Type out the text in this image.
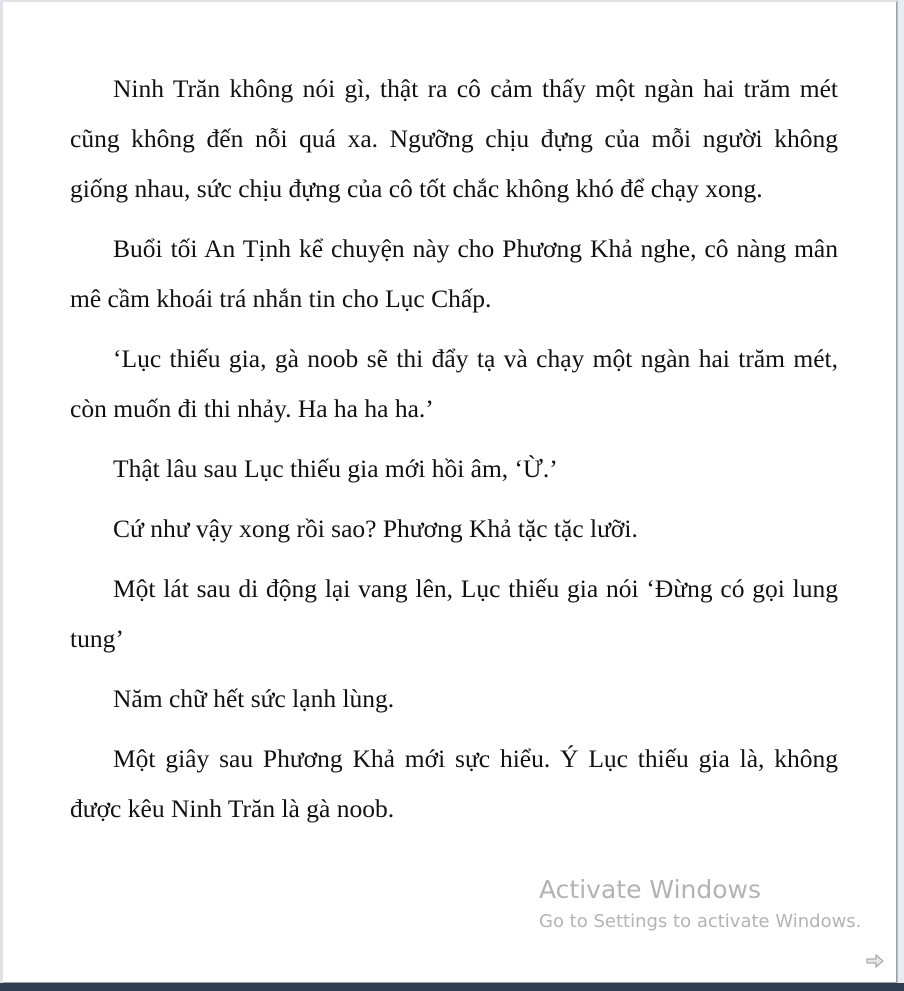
Ninh Trăn không nói gì, thật ra cô cảm thấy một ngàn hai trăm mét cũng không đến nỗi quá xa. Ngưỡng chịu đựng của mỗi người không giống nhau, sức chịu đựng của cô tốt chắc không khó để chạy xong.

Buổi tối An Tịnh kể chuyện này cho Phương Khả nghe, cô nàng mân mê cầm khoái trá nhắn tin cho Lục Chấp.

‘Lục thiếu gia, gà noob sẽ thi đẩy tạ và chạy một ngàn hai trăm mét, còn muốn đi thi nhảy. Ha ha ha ha.’

Thật lâu sau Lục thiếu gia mới hồi âm, ‘Ừ.’

Cứ như vậy xong rồi sao? Phương Khả tặc tặc lưỡi.

Một lát sau di động lại vang lên, Lục thiếu gia nói ‘Đừng có gọi lung tung’

Năm chữ hết sức lạnh lùng.

Một giây sau Phương Khả mới sực hiểu. Ý Lục thiếu gia là, không được kêu Ninh Trăn là gà noob.

Activate Windows
Go to Settings to activate Windows.
